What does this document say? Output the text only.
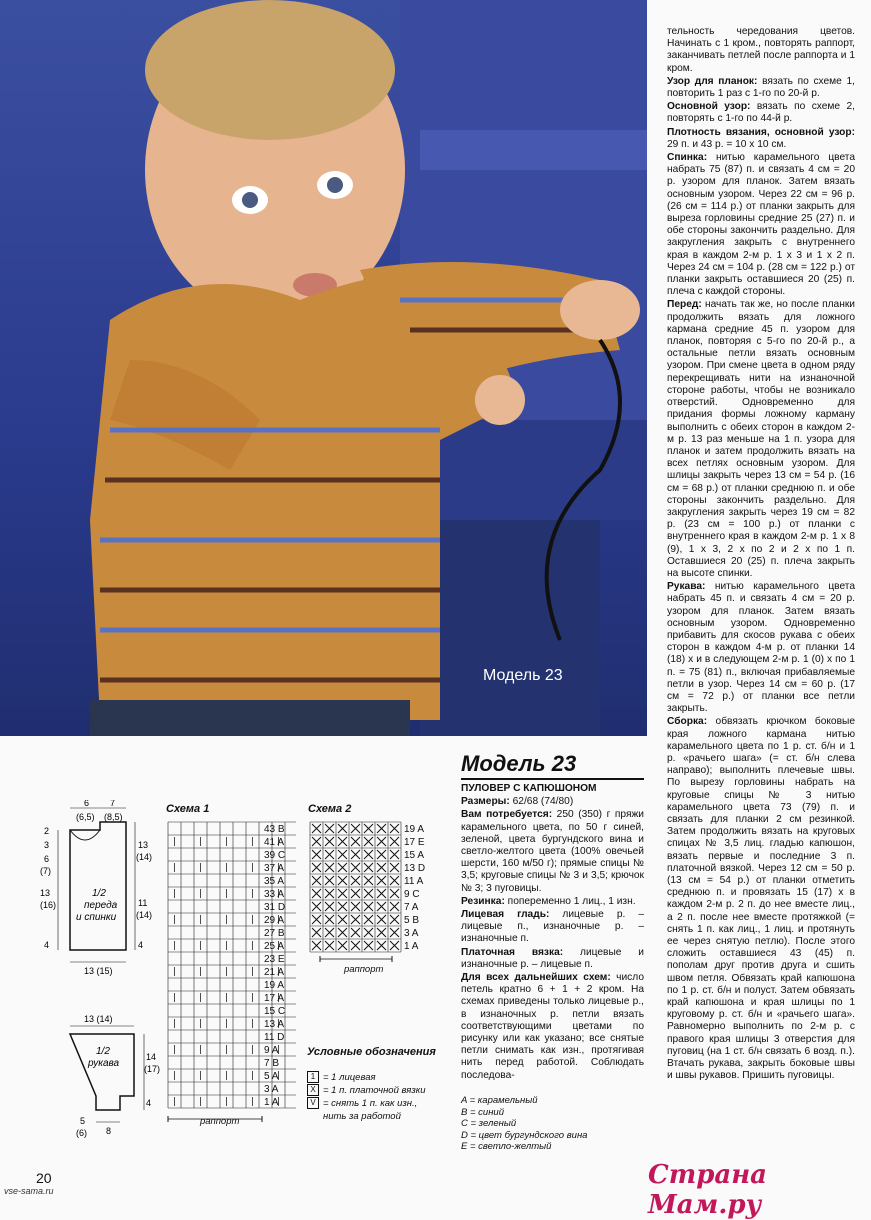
Модель 23

тельность чередования цветов. Начинать с 1 кром., повторять раппорт, заканчивать петлей после раппорта и 1 кром.

Узор для планок: вязать по схеме 1, повторить 1 раз с 1-го по 20-й р.

Основной узор: вязать по схеме 2, повторять с 1-го по 44-й р.

Плотность вязания, основной узор: 29 п. и 43 р. = 10 х 10 см.

Спинка: нитью карамельного цвета набрать 75 (87) п. и связать 4 см = 20 р. узором для планок. Затем вязать основным узором. Через 22 см = 96 р. (26 см = 114 р.) от планки закрыть для выреза горловины средние 25 (27) п. и обе стороны закончить раздельно. Для закругления закрыть с внутреннего края в каждом 2-м р. 1 х 3 и 1 х 2 п. Через 24 см = 104 р. (28 см = 122 р.) от планки закрыть оставшиеся 20 (25) п. плеча с каждой стороны.

Перед: начать так же, но после планки продолжить вязать для ложного кармана средние 45 п. узором для планок, повторяя с 5-го по 20-й р., а остальные петли вязать основным узором. При смене цвета в одном ряду перекрещивать нити на изнаночной стороне работы, чтобы не возникало отверстий. Одновременно для придания формы ложному карману выполнить с обеих сторон в каждом 2-м р. 13 раз меньше на 1 п. узора для планок и затем продолжить вязать на всех петлях основным узором. Для шлицы закрыть через 13 см = 54 р. (16 см = 68 р.) от планки среднюю п. и обе стороны закончить раздельно. Для закругления закрыть через 19 см = 82 р. (23 см = 100 р.) от планки с внутреннего края в каждом 2-м р. 1 х 8 (9), 1 х 3, 2 х по 2 и 2 х по 1 п. Оставшиеся 20 (25) п. плеча закрыть на высоте спинки.

Рукава: нитью карамельного цвета набрать 45 п. и связать 4 см = 20 р. узором для планок. Затем вязать основным узором. Одновременно прибавить для скосов рукава с обеих сторон в каждом 4-м р. от планки 14 (18) х и в следующем 2-м р. 1 (0) х по 1 п. = 75 (81) п., включая прибавляемые петли в узор. Через 14 см = 60 р. (17 см = 72 р.) от планки все петли закрыть.

Сборка: обвязать крючком боковые края ложного кармана нитью карамельного цвета по 1 р. ст. б/н и 1 р. «рачьего шага» (= ст. б/н слева направо); выполнить плечевые швы. По вырезу горловины набрать на круговые спицы № 3 нитью карамельного цвета 73 (79) п. и связать для планки 2 см резинкой. Затем продолжить вязать на круговых спицах № 3,5 лиц. гладью капюшон, вязать первые и последние 3 п. платочной вязкой. Через 12 см = 50 р. (13 см = 54 р.) от планки отметить среднюю п. и провязать 15 (17) х в каждом 2-м р. 2 п. до нее вместе лиц., а 2 п. после нее вместе протяжкой (= снять 1 п. как лиц., 1 лиц. и протянуть ее через снятую петлю). После этого сложить оставшиеся 43 (45) п. пополам друг против друга и сшить швом петля. Обвязать край капюшона по 1 р. ст. б/н и полуст. Затем обвязать край капюшона и края шлицы по 1 круговому р. ст. б/н и «рачьего шага». Равномерно выполнить по 2-м р. с правого края шлицы 3 отверстия для пуговиц (на 1 ст. б/н связать 6 возд. п.). Втачать рукава, закрыть боковые швы и швы рукавов. Пришить пуговицы.

Модель 23

ПУЛОВЕР С КАПЮШОНОМ

Размеры: 62/68 (74/80)

Вам потребуется: 250 (350) г пряжи карамельного цвета, по 50 г синей, зеленой, цвета бургундского вина и светло-желтого цвета (100% овечьей шерсти, 160 м/50 г); прямые спицы № 3,5; круговые спицы № 3 и 3,5; крючок № 3; 3 пуговицы.

Резинка: попеременно 1 лиц., 1 изн.

Лицевая гладь: лицевые р. – лицевые п., изнаночные р. – изнаночные п.

Платочная вязка: лицевые и изнаночные р. – лицевые п.

Для всех дальнейших схем: число петель кратно 6 + 1 + 2 кром. На схемах приведены только лицевые р., в изнаночных р. петли вязать соответствующими цветами по рисунку или как указано; все снятые петли снимать как изн., протягивая нить перед работой. Соблюдать последова-

A = карамельный
B = синий
C = зеленый
D = цвет бургундского вина
E = светло-желтый
Схема 1	Схема 2
43 B
41 A
39 C
37 A
35 A
33 A
31 D
29 A
27 B
25 A
23 E
21 A
19 A
17 A
15 C
13 A
11 D
9 A
7 B
5 A
3 A
1 A
раппорт
19 A
17 E
15 A
13 D
11 A
9 C
7 A
5 B
3 A
1 A
раппорт
Условные обозначения
1 = 1 лицевая
X = 1 п. платочной вязки
V = снять 1 п. как изн.,
нить за работой
6
(6,5)
7
(8,5)
2
3
6
(7)
13
(16)
4
13
(14)
11
(14)
4
13 (15)
1/2
переда
и спинки
13 (14)
14
(17)
4
5
(6) 8
1/2
рукава
20
vse-sama.ru
Страна Мам.ру
